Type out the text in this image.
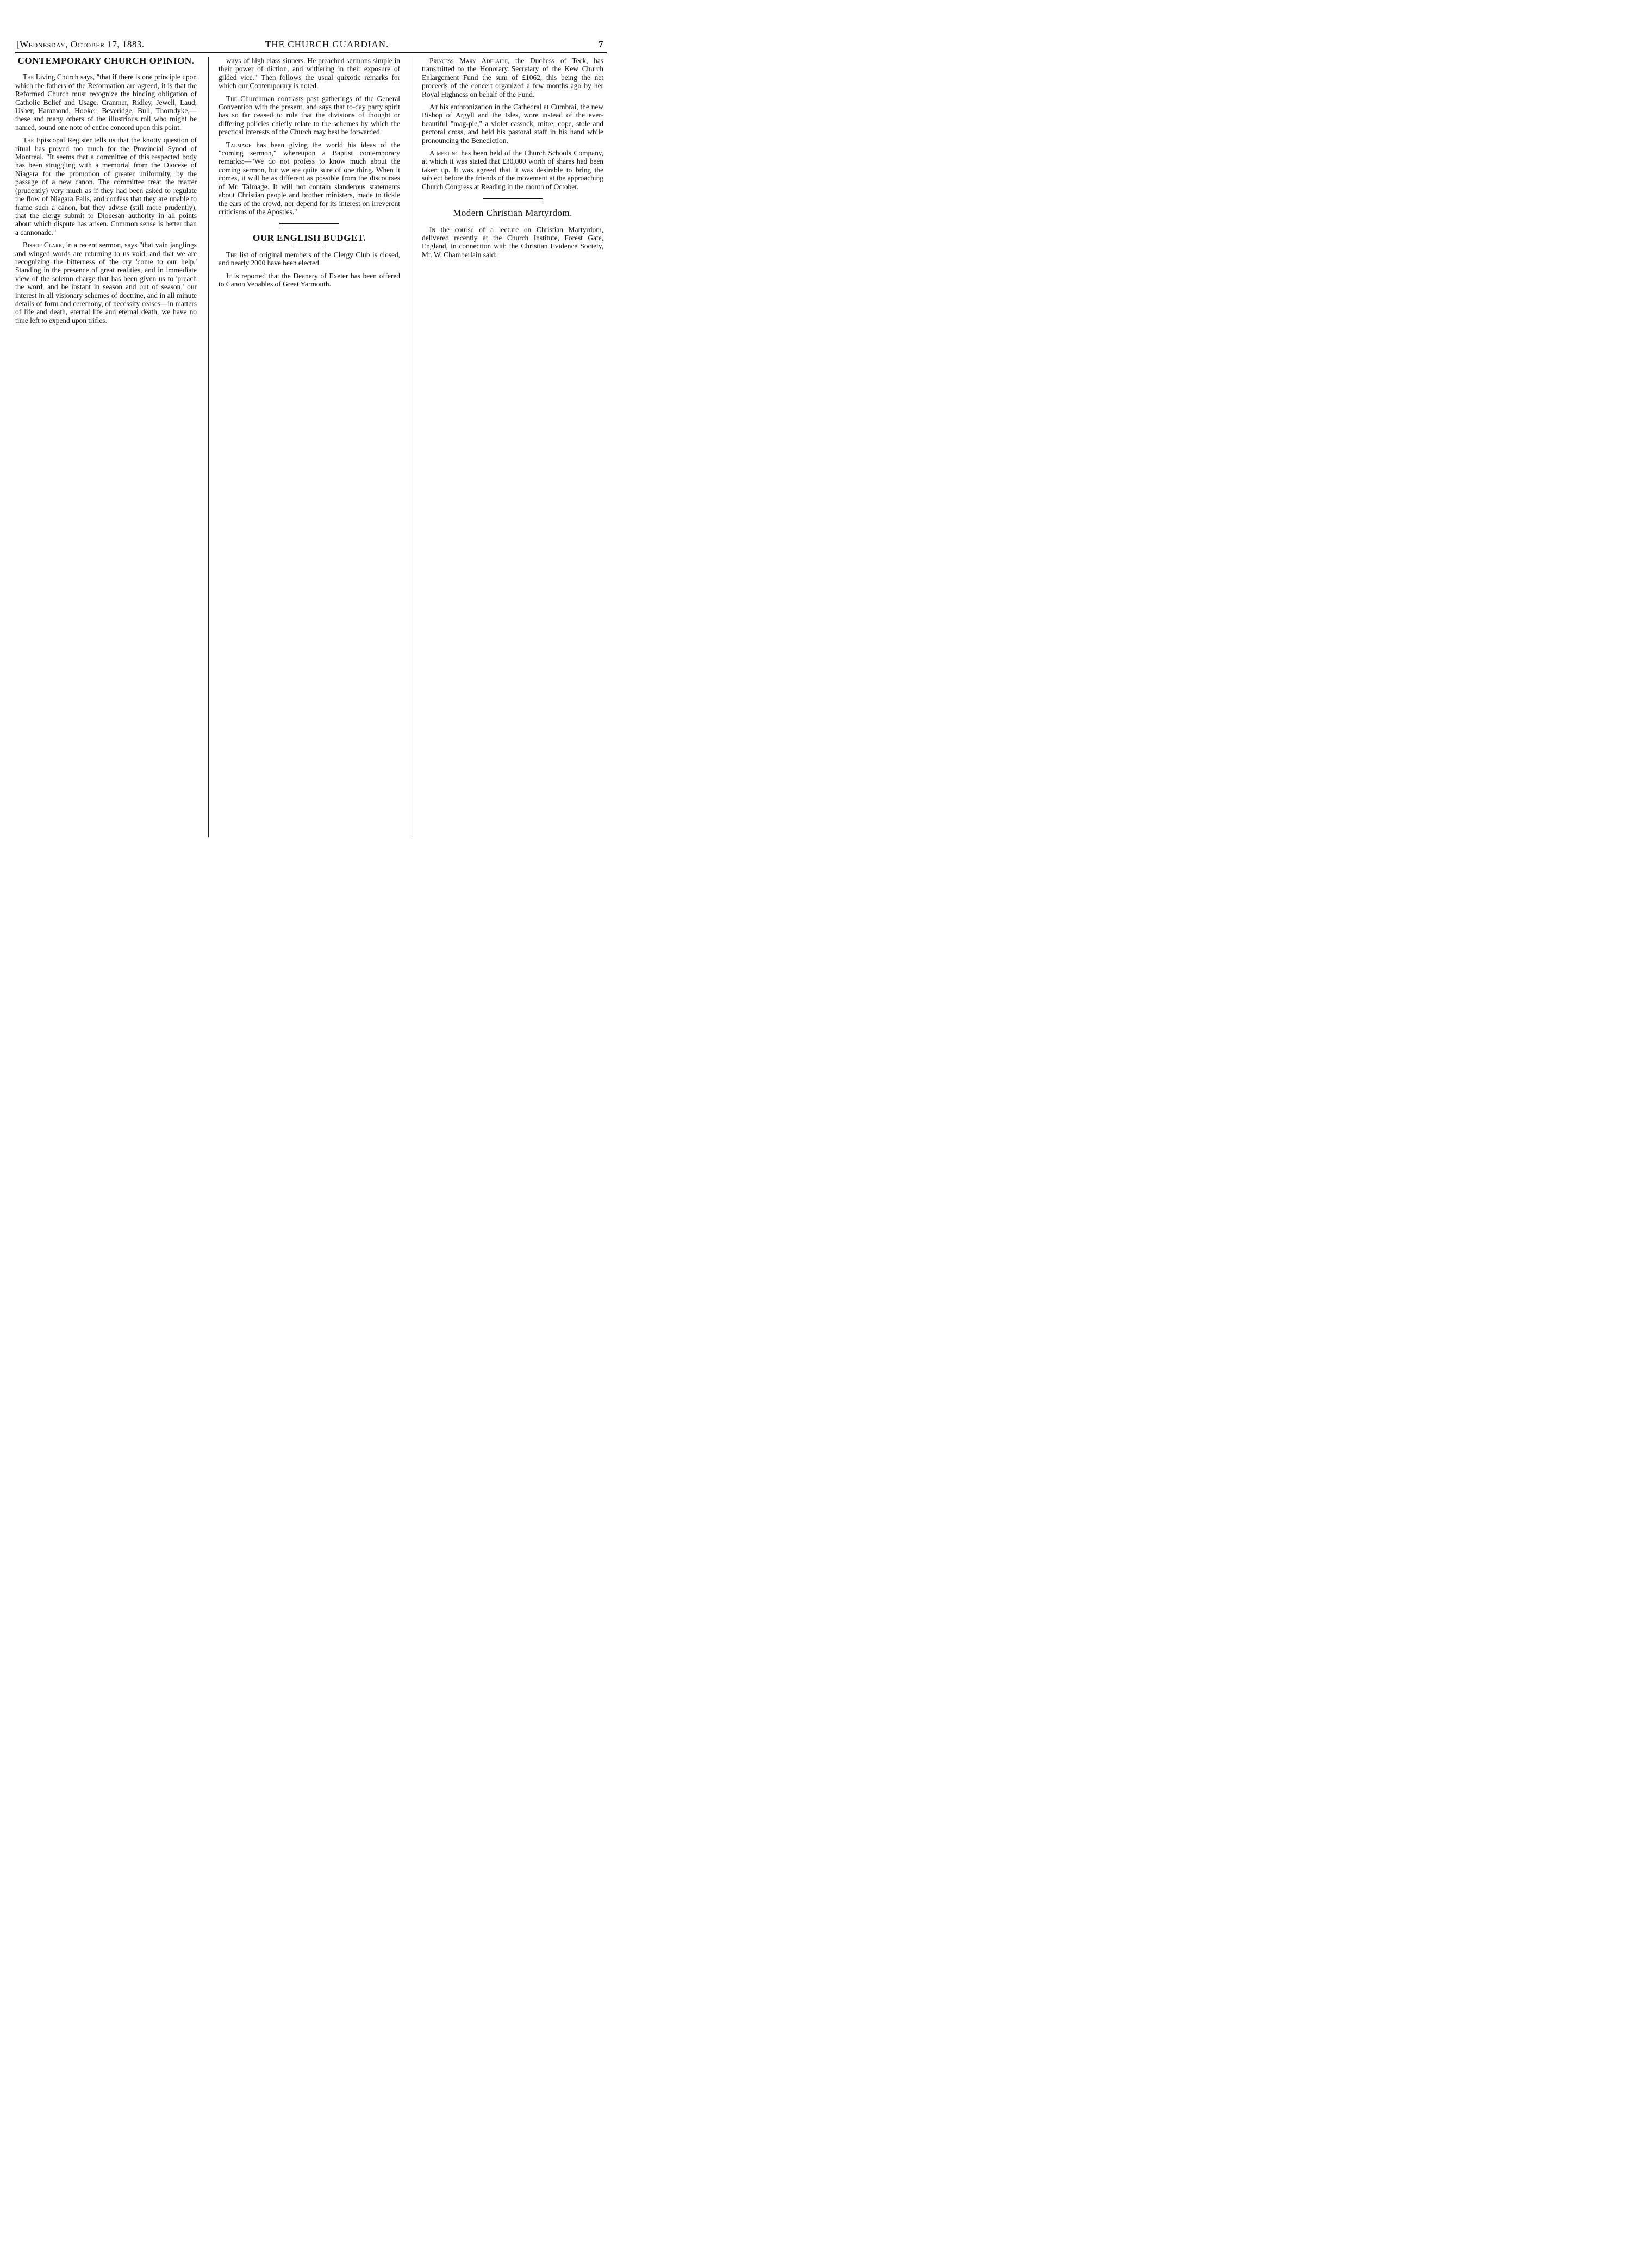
[Wednesday, October 17, 1883.	THE CHURCH GUARDIAN.	7
CONTEMPORARY CHURCH OPINION.

The Living Church says, "that if there is one principle upon which the fathers of the Reformation are agreed, it is that the Reformed Church must recognize the binding obligation of Catholic Belief and Usage. Cranmer, Ridley, Jewell, Laud, Usher, Hammond, Hooker, Beveridge, Bull, Thorndyke,—these and many others of the illustrious roll who might be named, sound one note of entire concord upon this point.

The Episcopal Register tells us that the knotty question of ritual has proved too much for the Provincial Synod of Montreal. "It seems that a committee of this respected body has been struggling with a memorial from the Diocese of Niagara for the promotion of greater uniformity, by the passage of a new canon. The committee treat the matter (prudently) very much as if they had been asked to regulate the flow of Niagara Falls, and confess that they are unable to frame such a canon, but they advise (still more prudently), that the clergy submit to Diocesan authority in all points about which dispute has arisen. Common sense is better than a cannonade."

Bishop Clark, in a recent sermon, says "that vain janglings and winged words are returning to us void, and that we are recognizing the bitterness of the cry 'come to our help.' Standing in the presence of great realities, and in immediate view of the solemn charge that has been given us to 'preach the word, and be instant in season and out of season,' our interest in all visionary schemes of doctrine, and in all minute details of form and ceremony, of necessity ceases—in matters of life and death, eternal life and eternal death, we have no time left to expend upon trifles.

ways of high class sinners. He preached sermons simple in their power of diction, and withering in their exposure of gilded vice." Then follows the usual quixotic remarks for which our Contemporary is noted.

The Churchman contrasts past gatherings of the General Convention with the present, and says that to-day party spirit has so far ceased to rule that the divisions of thought or differing policies chiefly relate to the schemes by which the practical interests of the Church may best be forwarded.

Talmage has been giving the world his ideas of the "coming sermon," whereupon a Baptist contemporary remarks:—"We do not profess to know much about the coming sermon, but we are quite sure of one thing. When it comes, it will be as different as possible from the discourses of Mr. Talmage. It will not contain slanderous statements about Christian people and brother ministers, made to tickle the ears of the crowd, nor depend for its interest on irreverent criticisms of the Apostles."

OUR ENGLISH BUDGET.

The list of original members of the Clergy Club is closed, and nearly 2000 have been elected.

It is reported that the Deanery of Exeter has been offered to Canon Venables of Great Yarmouth.

Princess Mary Adelaide, the Duchess of Teck, has transmitted to the Honorary Secretary of the Kew Church Enlargement Fund the sum of £1062, this being the net proceeds of the concert organized a few months ago by her Royal Highness on behalf of the Fund.

At his enthronization in the Cathedral at Cumbrai, the new Bishop of Argyll and the Isles, wore instead of the ever-beautiful "mag-pie," a violet cassock, mitre, cope, stole and pectoral cross, and held his pastoral staff in his hand while pronouncing the Benediction.

A meeting has been held of the Church Schools Company, at which it was stated that £30,000 worth of shares had been taken up. It was agreed that it was desirable to bring the subject before the friends of the movement at the approaching Church Congress at Reading in the month of October.

Modern Christian Martyrdom.

In the course of a lecture on Christian Martyrdom, delivered recently at the Church Institute, Forest Gate, England, in connection with the Christian Evidence Society, Mr. W. Chamberlain said:
